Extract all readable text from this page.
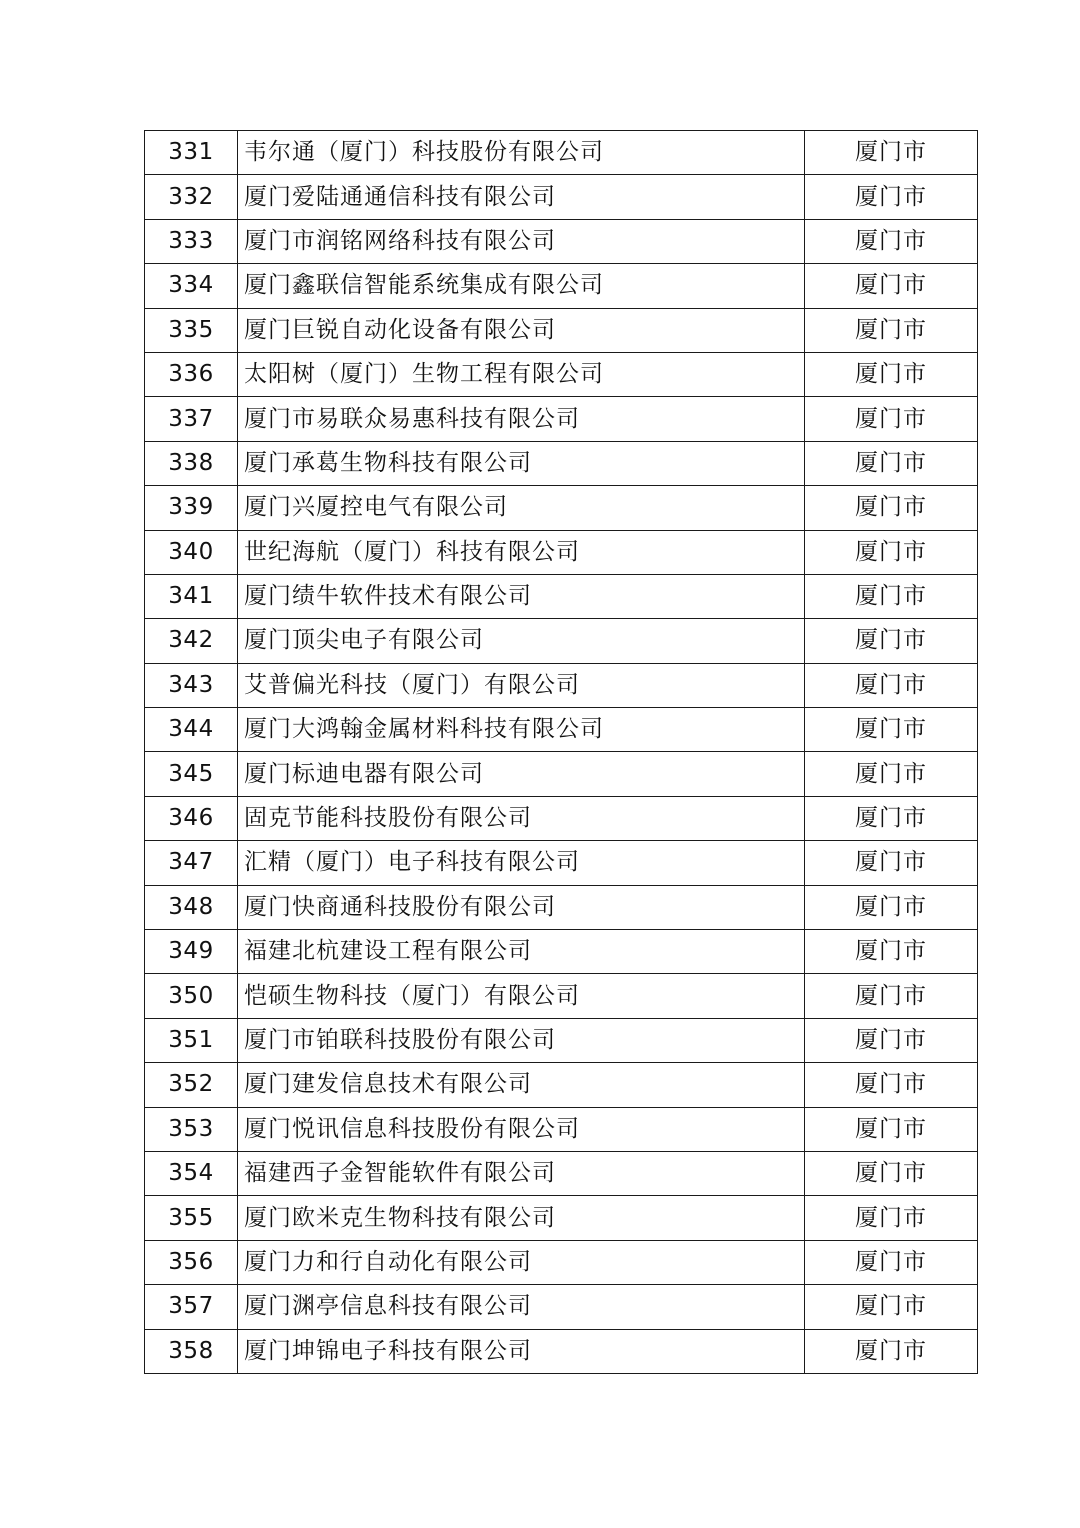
331	韦尔通（厦门）科技股份有限公司	厦门市
332	厦门爱陆通通信科技有限公司	厦门市
333	厦门市润铭网络科技有限公司	厦门市
334	厦门鑫联信智能系统集成有限公司	厦门市
335	厦门巨锐自动化设备有限公司	厦门市
336	太阳树（厦门）生物工程有限公司	厦门市
337	厦门市易联众易惠科技有限公司	厦门市
338	厦门承葛生物科技有限公司	厦门市
339	厦门兴厦控电气有限公司	厦门市
340	世纪海航（厦门）科技有限公司	厦门市
341	厦门绩牛软件技术有限公司	厦门市
342	厦门顶尖电子有限公司	厦门市
343	艾普偏光科技（厦门）有限公司	厦门市
344	厦门大鸿翰金属材料科技有限公司	厦门市
345	厦门标迪电器有限公司	厦门市
346	固克节能科技股份有限公司	厦门市
347	汇精（厦门）电子科技有限公司	厦门市
348	厦门快商通科技股份有限公司	厦门市
349	福建北杭建设工程有限公司	厦门市
350	恺硕生物科技（厦门）有限公司	厦门市
351	厦门市铂联科技股份有限公司	厦门市
352	厦门建发信息技术有限公司	厦门市
353	厦门悦讯信息科技股份有限公司	厦门市
354	福建西子金智能软件有限公司	厦门市
355	厦门欧米克生物科技有限公司	厦门市
356	厦门力和行自动化有限公司	厦门市
357	厦门渊亭信息科技有限公司	厦门市
358	厦门坤锦电子科技有限公司	厦门市
